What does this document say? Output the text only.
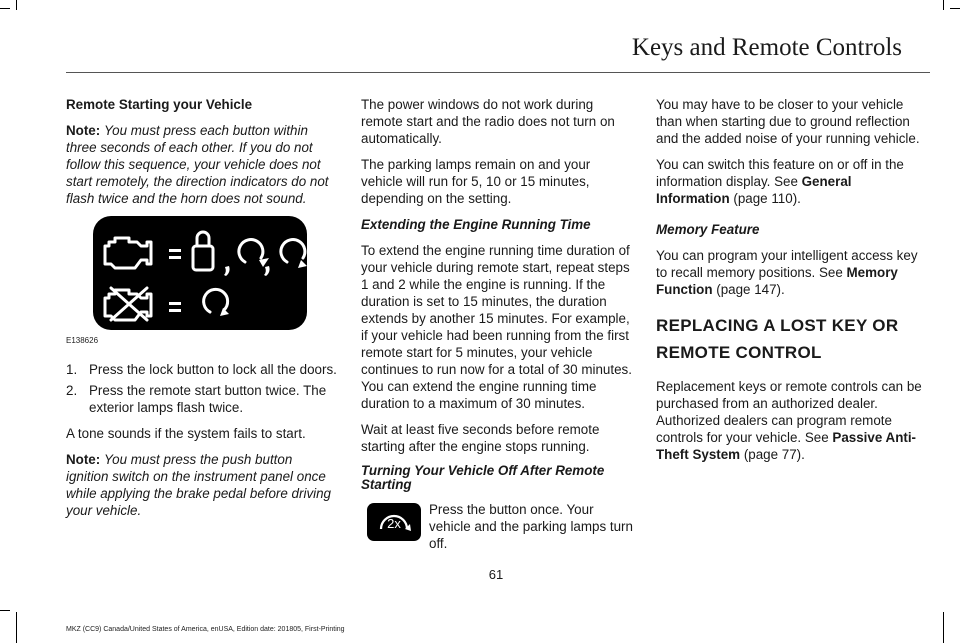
Keys and Remote Controls

Remote Starting your Vehicle

Note: You must press each button within three seconds of each other. If you do not follow this sequence, your vehicle does not start remotely, the direction indicators do not flash twice and the horn does not sound.

E138626
1. Press the lock button to lock all the doors.
2. Press the remote start button twice. The exterior lamps flash twice.

A tone sounds if the system fails to start.

Note: You must press the push button ignition switch on the instrument panel once while applying the brake pedal before driving your vehicle.

The power windows do not work during remote start and the radio does not turn on automatically.

The parking lamps remain on and your vehicle will run for 5, 10 or 15 minutes, depending on the setting.

Extending the Engine Running Time

To extend the engine running time duration of your vehicle during remote start, repeat steps 1 and 2 while the engine is running. If the duration is set to 15 minutes, the duration extends by another 15 minutes. For example, if your vehicle had been running from the first remote start for 5 minutes, your vehicle continues to run now for a total of 30 minutes. You can extend the engine running time duration to a maximum of 30 minutes.

Wait at least five seconds before remote starting after the engine stops running.

Turning Your Vehicle Off After Remote Starting

2x
Press the button once. Your vehicle and the parking lamps turn off.

You may have to be closer to your vehicle than when starting due to ground reflection and the added noise of your running vehicle.

You can switch this feature on or off in the information display. See General Information (page 110).

Memory Feature

You can program your intelligent access key to recall memory positions. See Memory Function (page 147).

REPLACING A LOST KEY OR
REMOTE CONTROL

Replacement keys or remote controls can be purchased from an authorized dealer. Authorized dealers can program remote controls for your vehicle. See Passive Anti-Theft System (page 77).

61
MKZ (CC9) Canada/United States of America, enUSA, Edition date: 201805, First-Printing
